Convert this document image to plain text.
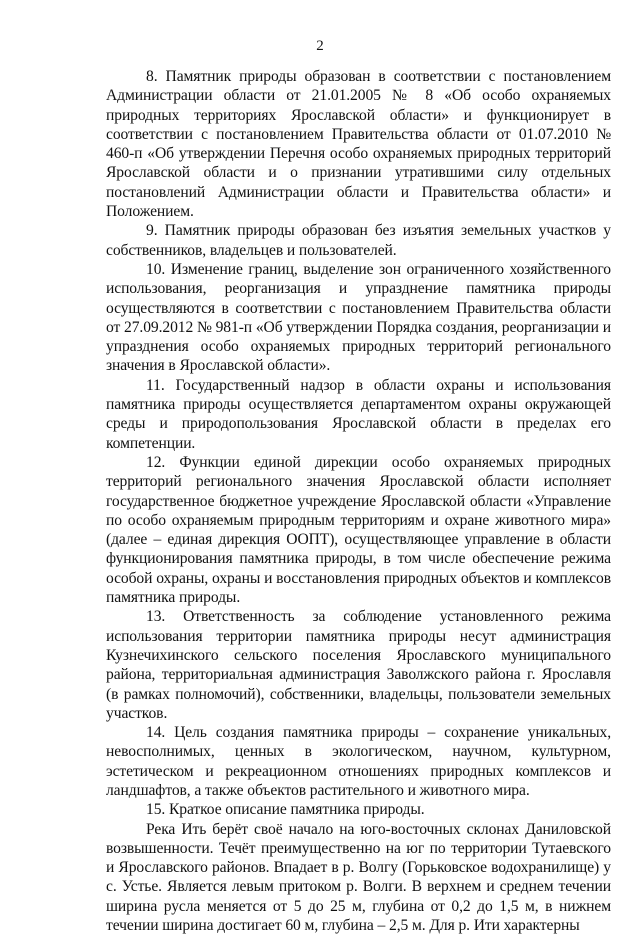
2

8. Памятник природы образован в соответствии с постановлением Администрации области от 21.01.2005 № 8 «Об особо охраняемых природных территориях Ярославской области» и функционирует в соответствии с постановлением Правительства области от 01.07.2010 № 460-п «Об утверждении Перечня особо охраняемых природных территорий Ярославской области и о признании утратившими силу отдельных постановлений Администрации области и Правительства области» и Положением.

9. Памятник природы образован без изъятия земельных участков у собственников, владельцев и пользователей.

10. Изменение границ, выделение зон ограниченного хозяйственного использования, реорганизация и упразднение памятника природы осуществляются в соответствии с постановлением Правительства области от 27.09.2012 № 981-п «Об утверждении Порядка создания, реорганизации и упразднения особо охраняемых природных территорий регионального значения в Ярославской области».

11. Государственный надзор в области охраны и использования памятника природы осуществляется департаментом охраны окружающей среды и природопользования Ярославской области в пределах его компетенции.

12. Функции единой дирекции особо охраняемых природных территорий регионального значения Ярославской области исполняет государственное бюджетное учреждение Ярославской области «Управление по особо охраняемым природным территориям и охране животного мира» (далее – единая дирекция ООПТ), осуществляющее управление в области функционирования памятника природы, в том числе обеспечение режима особой охраны, охраны и восстановления природных объектов и комплексов памятника природы.

13. Ответственность за соблюдение установленного режима использования территории памятника природы несут администрация Кузнечихинского сельского поселения Ярославского муниципального района, территориальная администрация Заволжского района г. Ярославля (в рамках полномочий), собственники, владельцы, пользователи земельных участков.

14. Цель создания памятника природы – сохранение уникальных, невосполнимых, ценных в экологическом, научном, культурном, эстетическом и рекреационном отношениях природных комплексов и ландшафтов, а также объектов растительного и животного мира.

15. Краткое описание памятника природы.

Река Ить берёт своё начало на юго-восточных склонах Даниловской возвышенности. Течёт преимущественно на юг по территории Тутаевского и Ярославского районов. Впадает в р. Волгу (Горьковское водохранилище) у с. Устье. Является левым притоком р. Волги. В верхнем и среднем течении ширина русла меняется от 5 до 25 м, глубина от 0,2 до 1,5 м, в нижнем течении ширина достигает 60 м, глубина – 2,5 м. Для р. Ити характерны
